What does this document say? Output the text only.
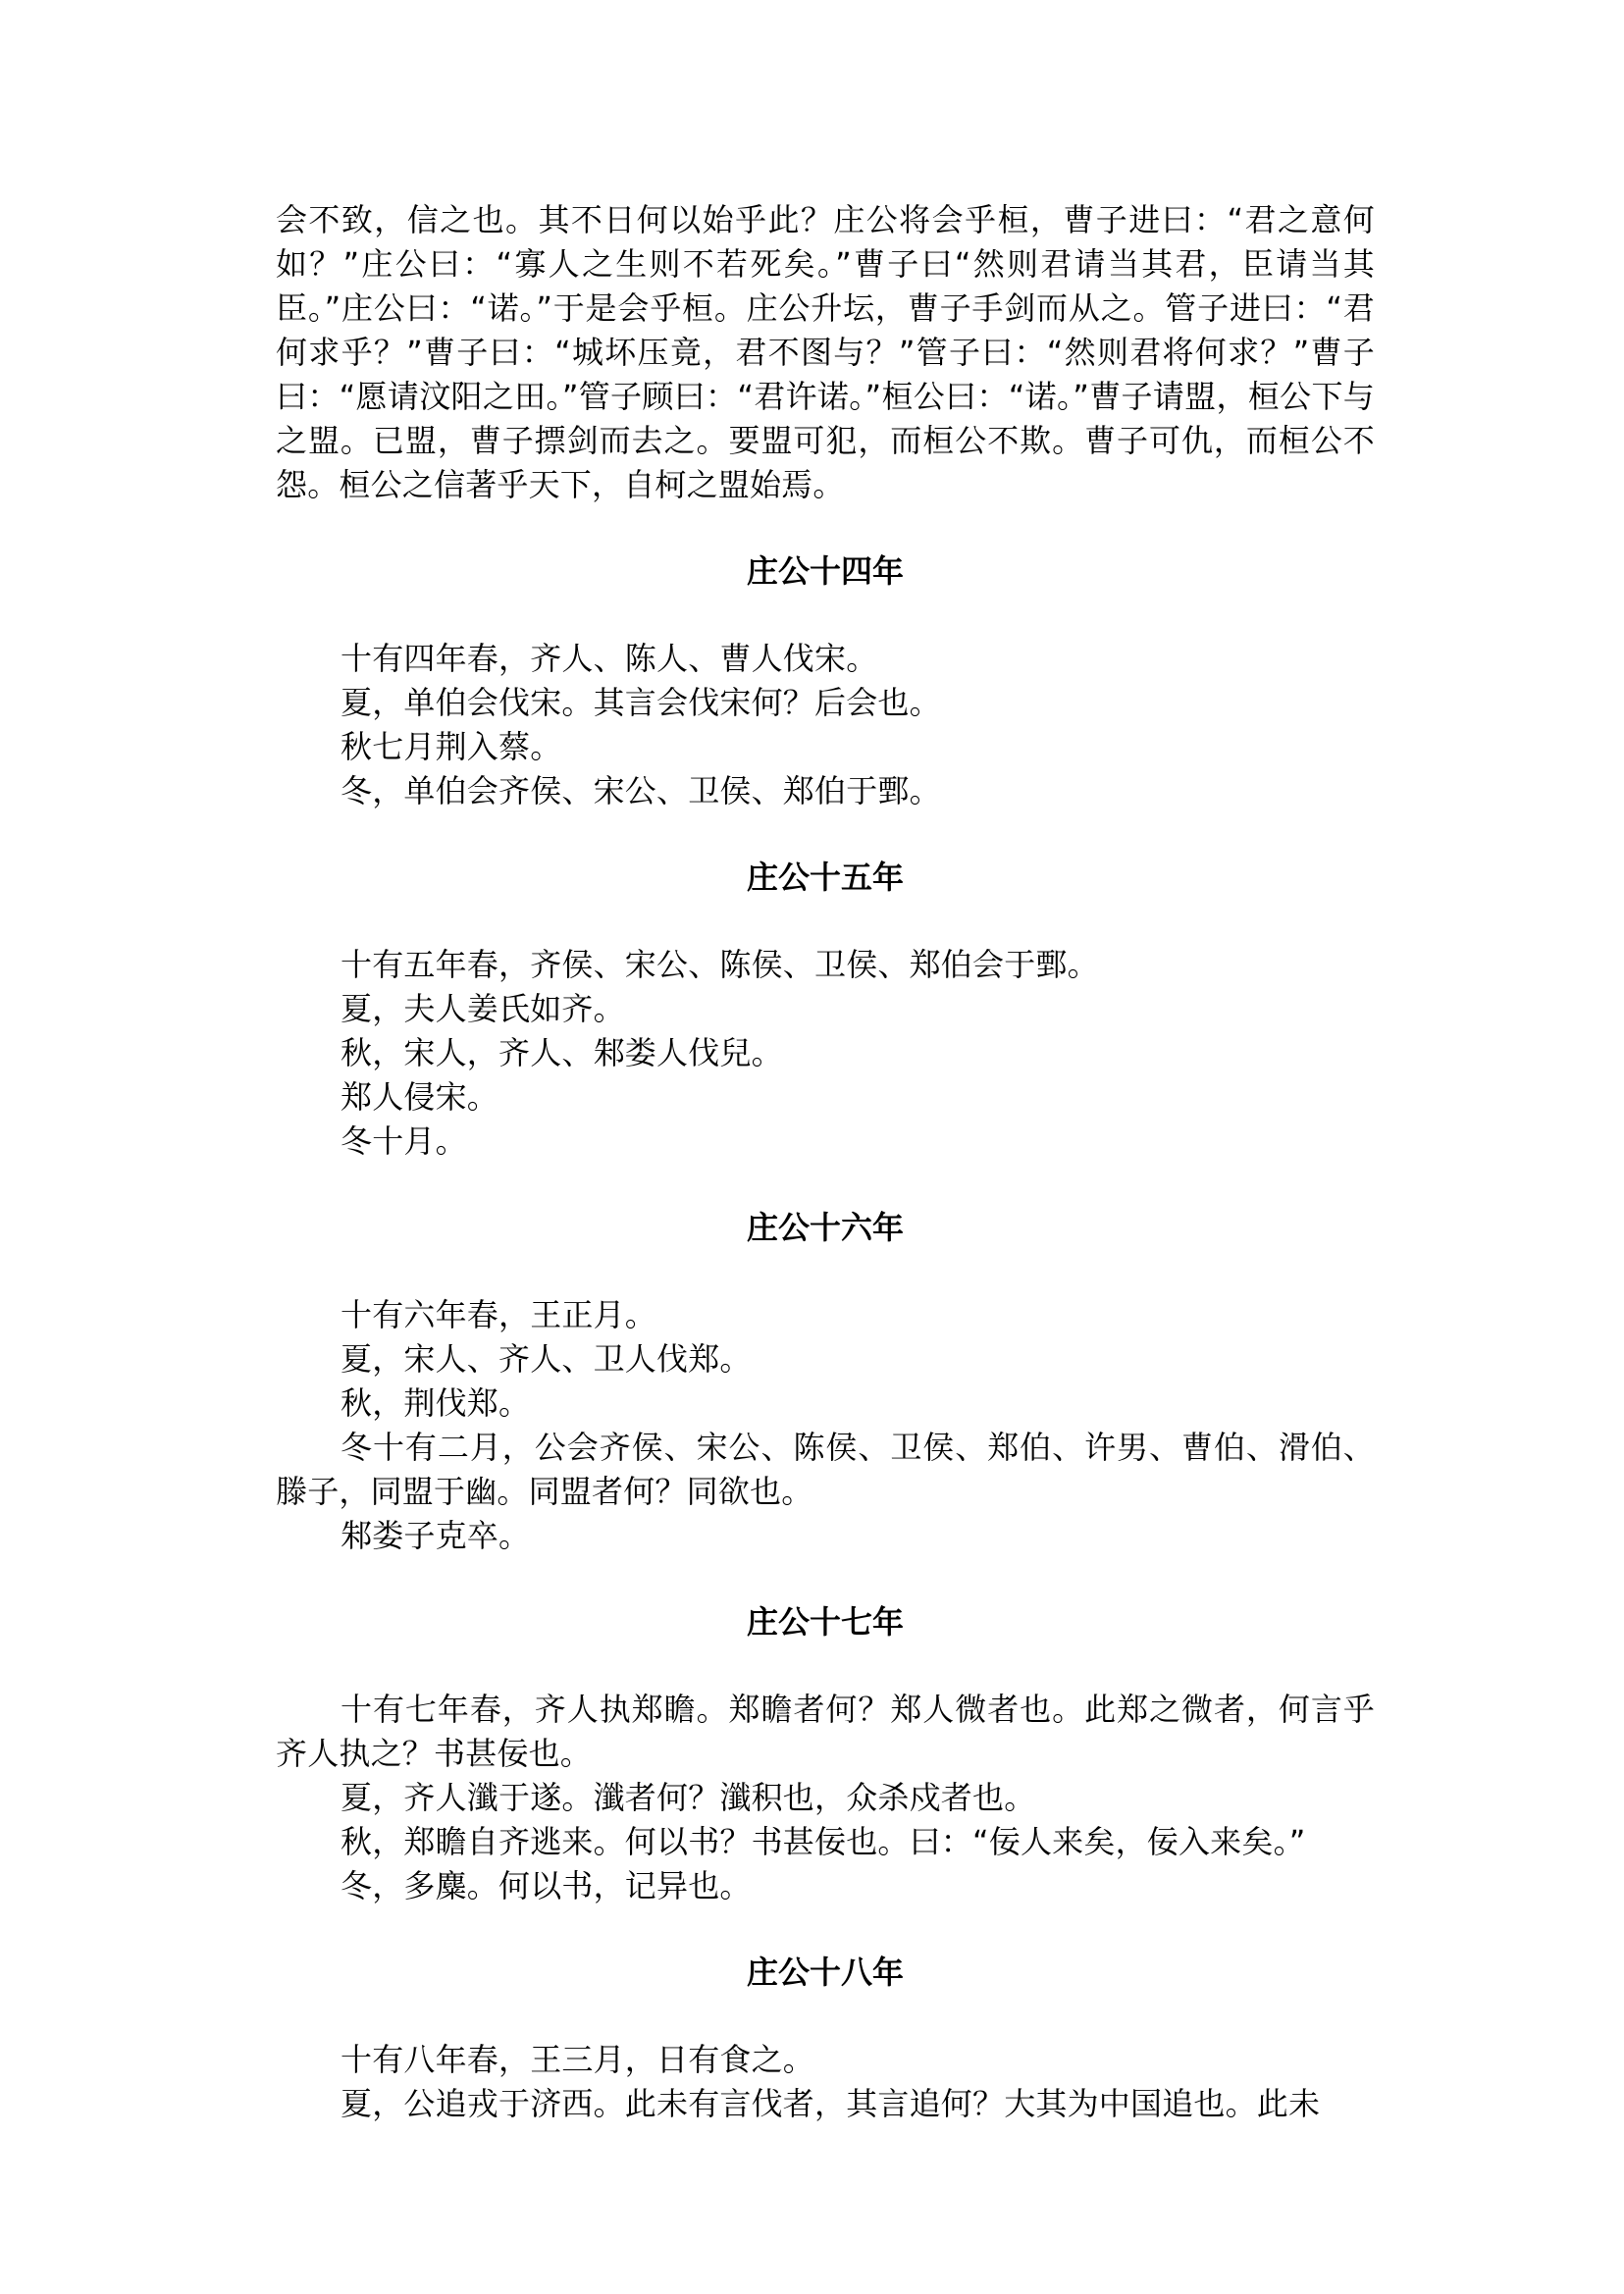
会不致，信之也。其不日何以始乎此？庄公将会乎桓，曹子进曰：“君之意何如？”庄公曰：“寡人之生则不若死矣。”曹子曰“然则君请当其君，臣请当其臣。”庄公曰：“诺。”于是会乎桓。庄公升坛，曹子手剑而从之。管子进曰：“君何求乎？”曹子曰：“城坏压竟，君不图与？”管子曰：“然则君将何求？”曹子曰：“愿请汶阳之田。”管子顾曰：“君许诺。”桓公曰：“诺。”曹子请盟，桓公下与之盟。已盟，曹子摽剑而去之。要盟可犯，而桓公不欺。曹子可仇，而桓公不怨。桓公之信著乎天下，自柯之盟始焉。

庄公十四年

十有四年春，齐人、陈人、曹人伐宋。

夏，单伯会伐宋。其言会伐宋何？后会也。

秋七月荆入蔡。

冬，单伯会齐侯、宋公、卫侯、郑伯于鄄。

庄公十五年

十有五年春，齐侯、宋公、陈侯、卫侯、郑伯会于鄄。

夏，夫人姜氏如齐。

秋，宋人，齐人、邾娄人伐兒。

郑人侵宋。

冬十月。

庄公十六年

十有六年春，王正月。

夏，宋人、齐人、卫人伐郑。

秋，荆伐郑。

冬十有二月，公会齐侯、宋公、陈侯、卫侯、郑伯、许男、曹伯、滑伯、滕子，同盟于幽。同盟者何？同欲也。

邾娄子克卒。

庄公十七年

十有七年春，齐人执郑瞻。郑瞻者何？郑人微者也。此郑之微者，何言乎齐人执之？书甚佞也。

夏，齐人瀸于遂。瀸者何？瀸积也，众杀戍者也。

秋，郑瞻自齐逃来。何以书？书甚佞也。曰：“佞人来矣，佞入来矣。”

冬，多麋。何以书，记异也。

庄公十八年

十有八年春，王三月，日有食之。

夏，公追戎于济西。此未有言伐者，其言追何？大其为中国追也。此未
